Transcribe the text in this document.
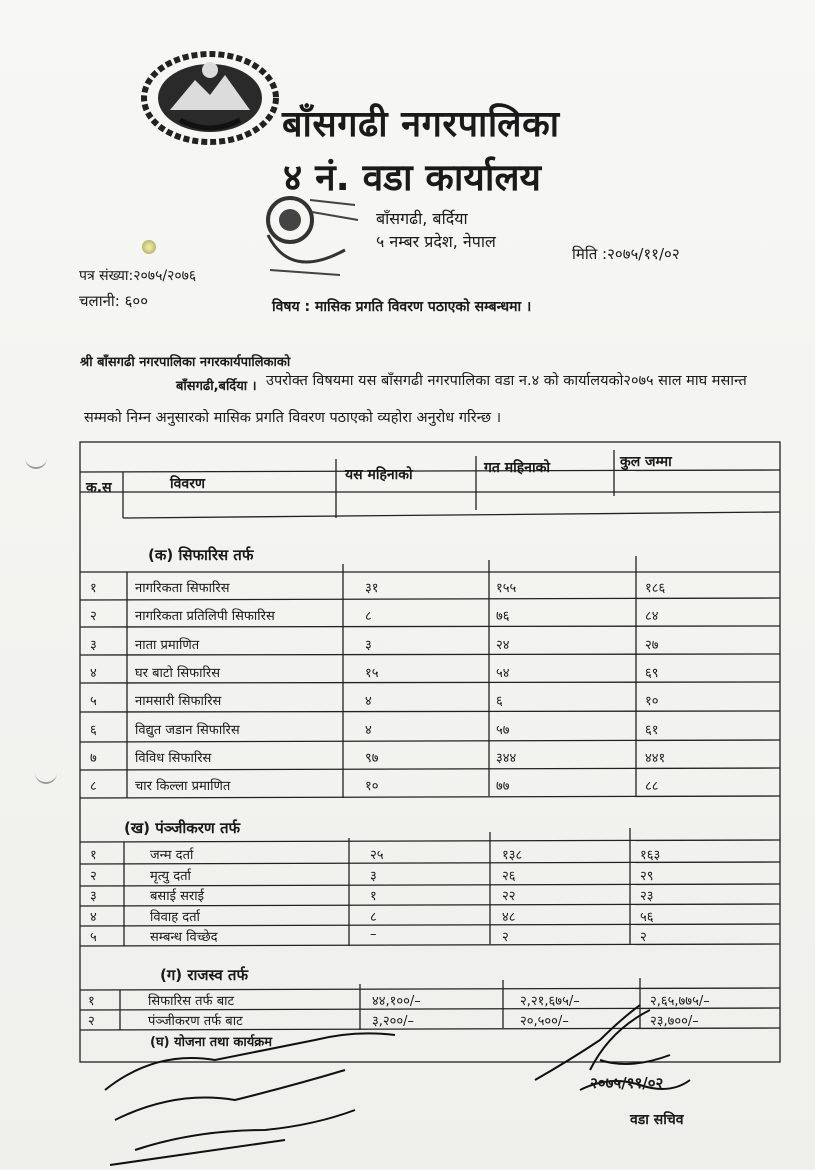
बाँसगढी नगरपालिका
४ नं. वडा कार्यालय
बाँसगढी, बर्दिया
५ नम्बर प्रदेश, नेपाल
मिति :२०७५/११/०२
पत्र संख्या:२०७५/२०७६
चलानी: ६००	विषय : मासिक प्रगति विवरण पठाएको सम्बन्धमा ।
श्री बाँसगढी नगरपालिका नगरकार्यपालिकाको
बाँसगढी,बर्दिया । उपरोक्त विषयमा यस बाँसगढी नगरपालिका वडा न.४ को कार्यालयको२०७५ साल माघ मसान्त
सम्मको निम्न अनुसारको मासिक प्रगति विवरण पठाएको व्यहोरा अनुरोध गरिन्छ ।
क.स	विवरण
यस महिनाको	गत महिनाको	कुल जम्मा
(क) सिफारिस तर्फ
१	नागरिकता सिफारिस	३१	१५५	१८६
२	नागरिकता प्रतिलिपी सिफारिस	८	७६	८४
३	नाता प्रमाणित	३	२४	२७
४	घर बाटो सिफारिस	१५	५४	६९
५	नामसारी सिफारिस	४	६	१०
६	विद्युत जडान सिफारिस	४	५७	६१
७	विविध सिफारिस	९७	३४४	४४१
८	चार किल्ला प्रमाणित	१०	७७	८८
(ख) पंञ्जीकरण तर्फ
१	जन्म दर्ता	२५	१३८	१६३
२	मृत्यु दर्ता	३	२६	२९
३	बसाई सराई	१	२२	२३
४	विवाह दर्ता	८	४८	५६
५	सम्बन्ध विच्छेद	–	२	२
(ग) राजस्व तर्फ
१	सिफारिस तर्फ बाट	४४,१००/–	२,२१,६७५/–	२,६५,७७५/–
२	पंञ्जीकरण तर्फ बाट	३,२००/–	२०,५००/–	२३,७००/–
(घ) योजना तथा कार्यक्रम
२०७५/११/०२
वडा सचिव
